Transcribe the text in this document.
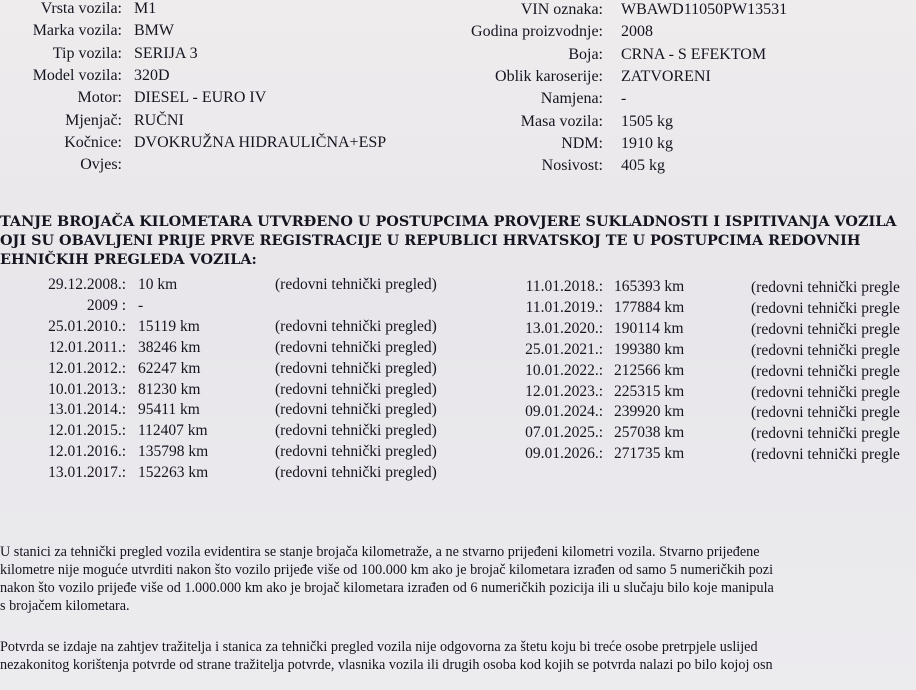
Vrsta vozila: M1
Marka vozila: BMW
Tip vozila: SERIJA 3
Model vozila: 320D
Motor: DIESEL - EURO IV
Mjenjač: RUČNI
Kočnice: DVOKRUŽNA HIDRAULIČNA+ESP
Ovjes:
VIN oznaka: WBAWD11050PW13531
Godina proizvodnje: 2008
Boja: CRNA - S EFEKTOM
Oblik karoserije: ZATVORENI
Namjena: -
Masa vozila: 1505 kg
NDM: 1910 kg
Nosivost: 405 kg
TANJE BROJAČA KILOMETARA UTVRĐENO U POSTUPCIMA PROVJERE SUKLADNOSTI I ISPITIVANJA VOZILA
OJI SU OBAVLJENI PRIJE PRVE REGISTRACIJE U REPUBLICI HRVATSKOJ TE U POSTUPCIMA REDOVNIH
EHNIČKIH PREGLEDA VOZILA:
29.12.2008.: 10 km	(redovni tehnički pregled)
2009 : -
25.01.2010.: 15119 km	(redovni tehnički pregled)
12.01.2011.: 38246 km	(redovni tehnički pregled)
12.01.2012.: 62247 km	(redovni tehnički pregled)
10.01.2013.: 81230 km	(redovni tehnički pregled)
13.01.2014.: 95411 km	(redovni tehnički pregled)
12.01.2015.: 112407 km	(redovni tehnički pregled)
12.01.2016.: 135798 km	(redovni tehnički pregled)
13.01.2017.: 152263 km	(redovni tehnički pregled)
11.01.2018.: 165393 km	(redovni tehnički pregle
11.01.2019.: 177884 km	(redovni tehnički pregle
13.01.2020.: 190114 km	(redovni tehnički pregle
25.01.2021.: 199380 km	(redovni tehnički pregle
10.01.2022.: 212566 km	(redovni tehnički pregle
12.01.2023.: 225315 km	(redovni tehnički pregle
09.01.2024.: 239920 km	(redovni tehnički pregle
07.01.2025.: 257038 km	(redovni tehnički pregle
09.01.2026.: 271735 km	(redovni tehnički pregle
U stanici za tehnički pregled vozila evidentira se stanje brojača kilometraže, a ne stvarno prijeđeni kilometri vozila. Stvarno prijeđene
kilometre nije moguće utvrditi nakon što vozilo prijeđe više od 100.000 km ako je brojač kilometara izrađen od samo 5 numeričkih pozi
nakon što vozilo prijeđe više od 1.000.000 km ako je brojač kilometara izrađen od 6 numeričkih pozicija ili u slučaju bilo koje manipula
s brojačem kilometara.
Potvrda se izdaje na zahtjev tražitelja i stanica za tehnički pregled vozila nije odgovorna za štetu koju bi treće osobe pretrpjele uslijed
nezakonitog korištenja potvrde od strane tražitelja potvrde, vlasnika vozila ili drugih osoba kod kojih se potvrda nalazi po bilo kojoj osn
